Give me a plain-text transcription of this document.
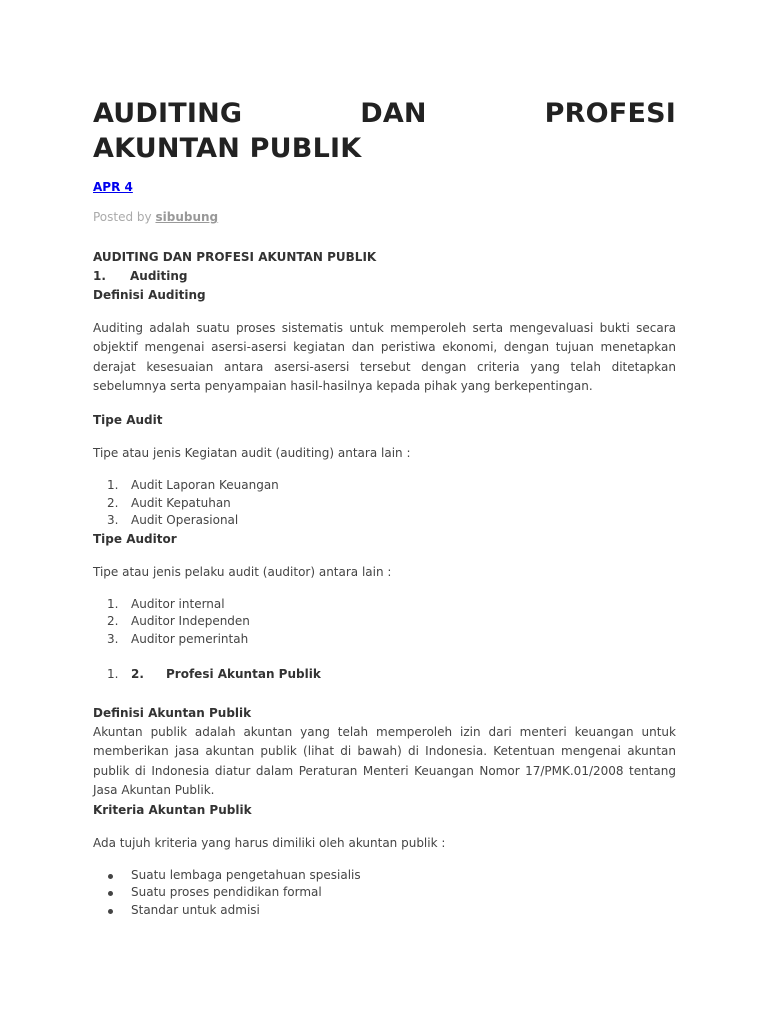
AUDITING	DAN	PROFESI
AKUNTAN PUBLIK
APR 4
Posted by sibubung
AUDITING DAN PROFESI AKUNTAN PUBLIK
1. Auditing
Definisi Auditing

Auditing adalah suatu proses sistematis untuk memperoleh serta mengevaluasi bukti secara objektif mengenai asersi-asersi kegiatan dan peristiwa ekonomi, dengan tujuan menetapkan derajat kesesuaian antara asersi-asersi tersebut dengan criteria yang telah ditetapkan sebelumnya serta penyampaian hasil-hasilnya kepada pihak yang berkepentingan.

Tipe Audit

Tipe atau jenis Kegiatan audit (auditing) antara lain :

1. Audit Laporan Keuangan
2. Audit Kepatuhan
3. Audit Operasional
Tipe Auditor

Tipe atau jenis pelaku audit (auditor) antara lain :

1. Auditor internal
2. Auditor Independen
3. Auditor pemerintah
1. 2. Profesi Akuntan Publik
Definisi Akuntan Publik

Akuntan publik adalah akuntan yang telah memperoleh izin dari menteri keuangan untuk memberikan jasa akuntan publik (lihat di bawah) di Indonesia. Ketentuan mengenai akuntan publik di Indonesia diatur dalam Peraturan Menteri Keuangan Nomor 17/PMK.01/2008 tentang Jasa Akuntan Publik.

Kriteria Akuntan Publik

Ada tujuh kriteria yang harus dimiliki oleh akuntan publik :

Suatu lembaga pengetahuan spesialis
Suatu proses pendidikan formal
Standar untuk admisi
